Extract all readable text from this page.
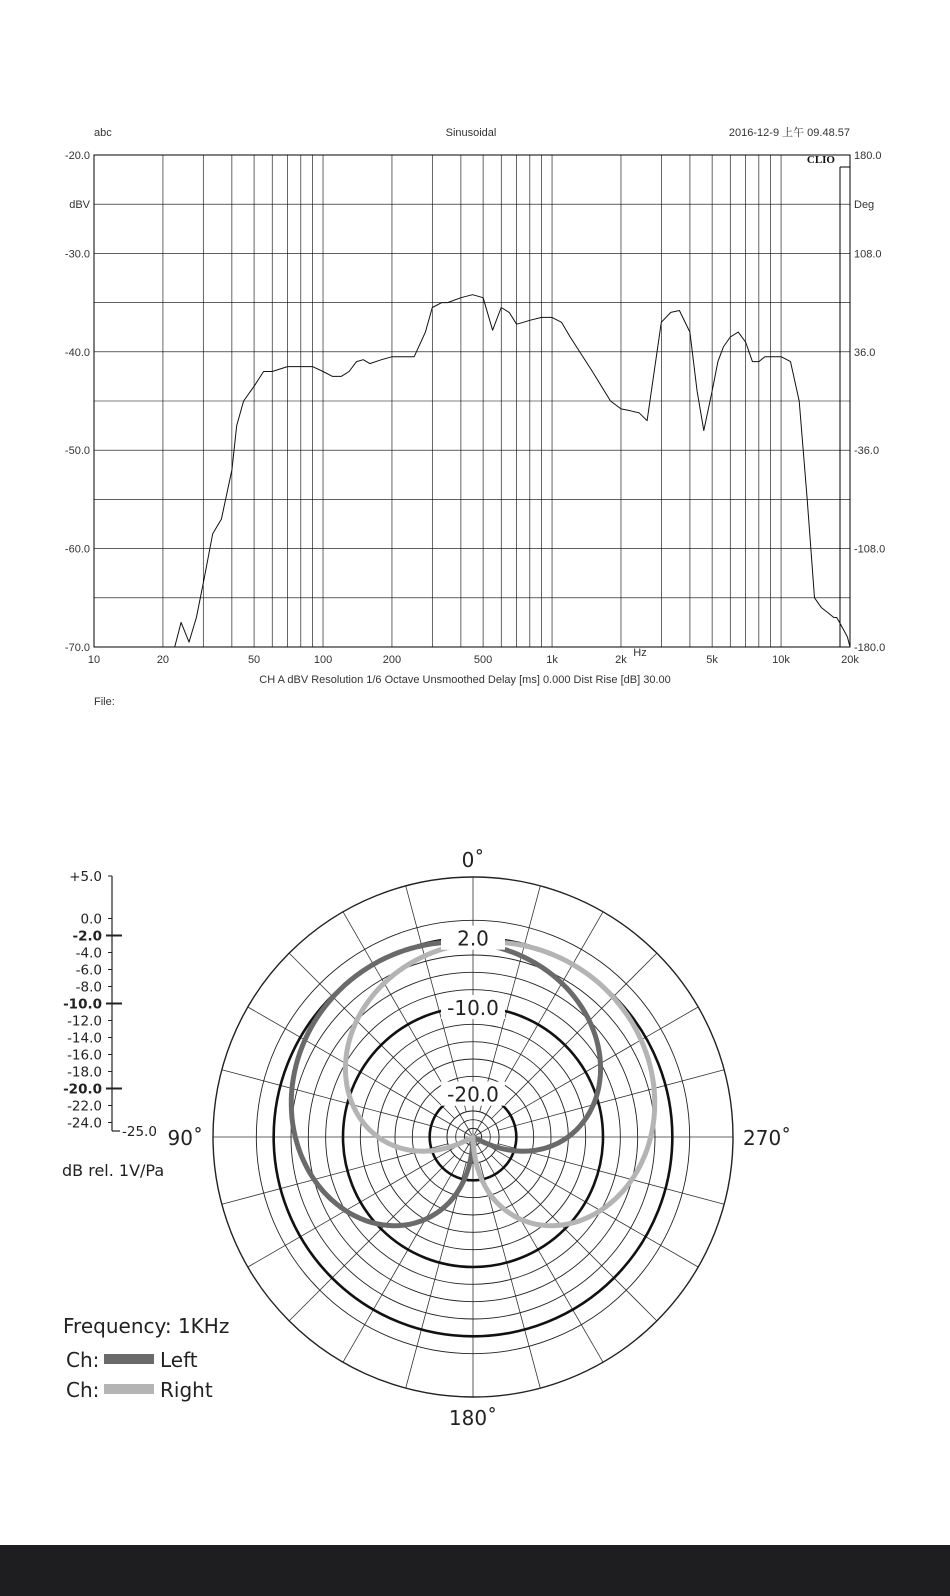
10	20	50	100	200	500	1k	2k	5k	10k	20k
-20.0
dBV
-30.0
-40.0
-50.0
-60.0
-70.0
180.0
Deg
108.0
36.0
-36.0
-108.0
-180.0
abc	Sinusoidal	2016-12-9 上午 09.48.57
CLIO
Hz
CH A dBV Resolution 1/6 Octave Unsmoothed Delay [ms] 0.000 Dist Rise [dB] 30.00
File:
2.0
-10.0
-20.0
0˚
90˚
180˚
270˚
+5.0
0.0
-2.0
-4.0
-6.0
-8.0
-10.0
-12.0
-14.0
-16.0
-18.0
-20.0
-22.0
-24.0
-25.0
dB rel. 1V/Pa
Frequency: 1KHz
Ch:	Left
Ch:	Right
